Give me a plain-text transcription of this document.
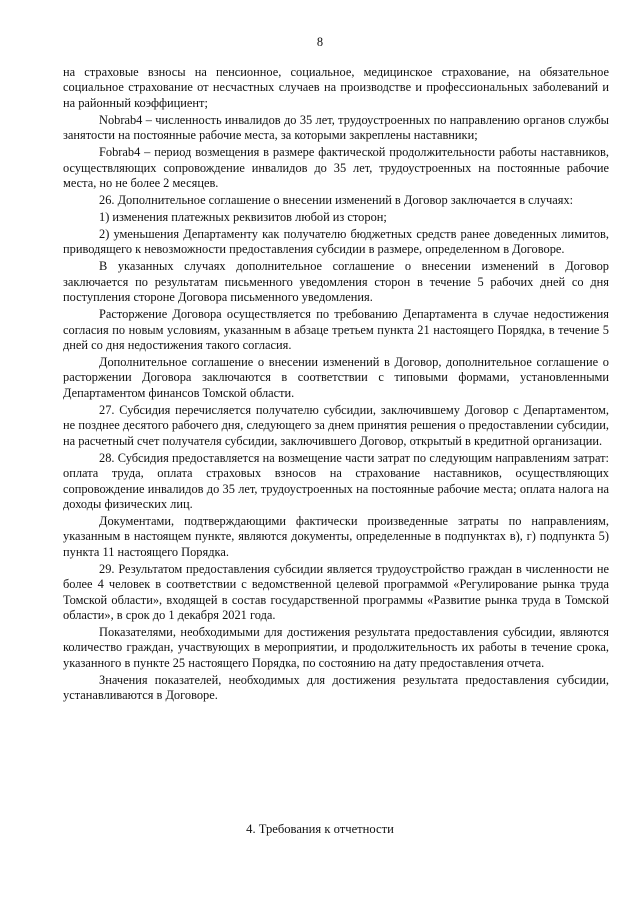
8

на страховые взносы на пенсионное, социальное, медицинское страхование, на обязательное социальное страхование от несчастных случаев на производстве и профессиональных заболеваний и на районный коэффициент;

Nobrab4 – численность инвалидов до 35 лет, трудоустроенных по направлению органов службы занятости на постоянные рабочие места, за которыми закреплены наставники;

Fobrab4 – период возмещения в размере фактической продолжительности работы наставников, осуществляющих сопровождение инвалидов до 35 лет, трудоустроенных на постоянные рабочие места, но не более 2 месяцев.

26. Дополнительное соглашение о внесении изменений в Договор заключается в случаях:

1) изменения платежных реквизитов любой из сторон;

2) уменьшения Департаменту как получателю бюджетных средств ранее доведенных лимитов, приводящего к невозможности предоставления субсидии в размере, определенном в Договоре.

В указанных случаях дополнительное соглашение о внесении изменений в Договор заключается по результатам письменного уведомления сторон в течение 5 рабочих дней со дня поступления стороне Договора письменного уведомления.

Расторжение Договора осуществляется по требованию Департамента в случае недостижения согласия по новым условиям, указанным в абзаце третьем пункта 21 настоящего Порядка, в течение 5 дней со дня недостижения такого согласия.

Дополнительное соглашение о внесении изменений в Договор, дополнительное соглашение о расторжении Договора заключаются в соответствии с типовыми формами, установленными Департаментом финансов Томской области.

27. Субсидия перечисляется получателю субсидии, заключившему Договор с Департаментом, не позднее десятого рабочего дня, следующего за днем принятия решения о предоставлении субсидии, на расчетный счет получателя субсидии, заключившего Договор, открытый в кредитной организации.

28. Субсидия предоставляется на возмещение части затрат по следующим направлениям затрат: оплата труда, оплата страховых взносов на страхование наставников, осуществляющих сопровождение инвалидов до 35 лет, трудоустроенных на постоянные рабочие места; оплата налога на доходы физических лиц.

Документами, подтверждающими фактически произведенные затраты по направлениям, указанным в настоящем пункте, являются документы, определенные в подпунктах в), г) подпункта 5) пункта 11 настоящего Порядка.

29. Результатом предоставления субсидии является трудоустройство граждан в численности не более 4 человек в соответствии с ведомственной целевой программой «Регулирование рынка труда Томской области», входящей в состав государственной программы «Развитие рынка труда в Томской области», в срок до 1 декабря 2021 года.

Показателями, необходимыми для достижения результата предоставления субсидии, являются количество граждан, участвующих в мероприятии, и продолжительность их работы в течение срока, указанного в пункте 25 настоящего Порядка, по состоянию на дату предоставления отчета.

Значения показателей, необходимых для достижения результата предоставления субсидии, устанавливаются в Договоре.

4. Требования к отчетности
